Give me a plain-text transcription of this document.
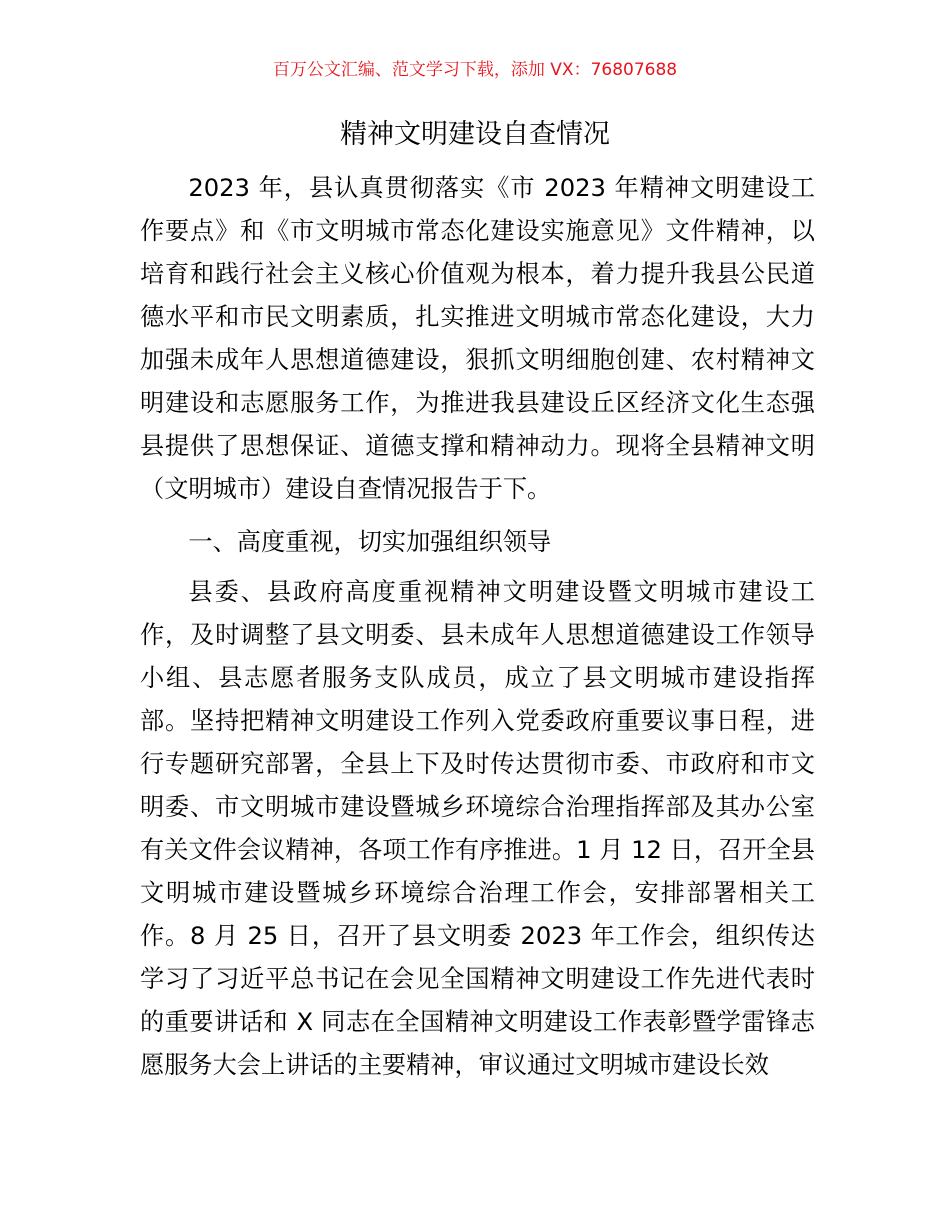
百万公文汇编、范文学习下载，添加 VX：76807688
精神文明建设自查情况

2023 年，县认真贯彻落实《市 2023 年精神文明建设工作要点》和《市文明城市常态化建设实施意见》文件精神，以培育和践行社会主义核心价值观为根本，着力提升我县公民道德水平和市民文明素质，扎实推进文明城市常态化建设，大力加强未成年人思想道德建设，狠抓文明细胞创建、农村精神文明建设和志愿服务工作，为推进我县建设丘区经济文化生态强县提供了思想保证、道德支撑和精神动力。现将全县精神文明（文明城市）建设自查情况报告于下。

一、高度重视，切实加强组织领导

县委、县政府高度重视精神文明建设暨文明城市建设工作，及时调整了县文明委、县未成年人思想道德建设工作领导小组、县志愿者服务支队成员，成立了县文明城市建设指挥部。坚持把精神文明建设工作列入党委政府重要议事日程，进行专题研究部署，全县上下及时传达贯彻市委、市政府和市文明委、市文明城市建设暨城乡环境综合治理指挥部及其办公室有关文件会议精神，各项工作有序推进。1 月 12 日，召开全县文明城市建设暨城乡环境综合治理工作会，安排部署相关工作。8 月 25 日，召开了县文明委 2023 年工作会，组织传达学习了习近平总书记在会见全国精神文明建设工作先进代表时的重要讲话和 X 同志在全国精神文明建设工作表彰暨学雷锋志愿服务大会上讲话的主要精神，审议通过文明城市建设长效
